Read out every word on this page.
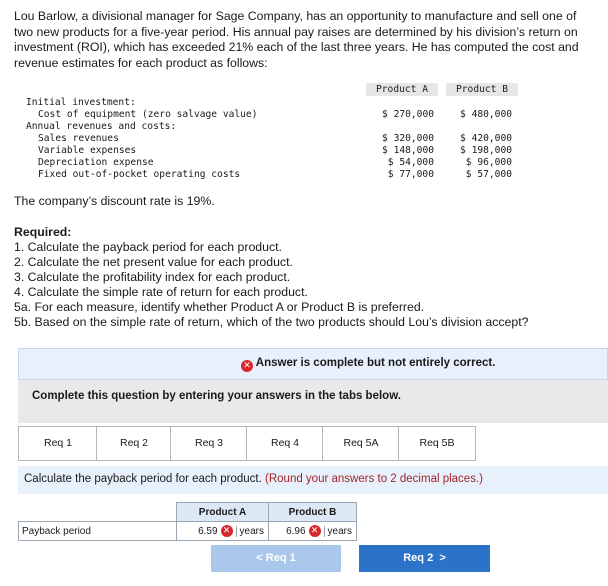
Lou Barlow, a divisional manager for Sage Company, has an opportunity to manufacture and sell one of two new products for a five-year period. His annual pay raises are determined by his division’s return on investment (ROI), which has exceeded 21% each of the last three years. He has computed the cost and revenue estimates for each product as follows:
Product A	Product B
Initial investment:
Cost of equipment (zero salvage value)	$ 270,000	$ 480,000
Annual revenues and costs:
Sales revenues	$ 320,000	$ 420,000
Variable expenses	$ 148,000	$ 198,000
Depreciation expense	$ 54,000	$ 96,000
Fixed out-of-pocket operating costs	$ 77,000	$ 57,000
The company’s discount rate is 19%.
Required:
1. Calculate the payback period for each product.
2. Calculate the net present value for each product.
3. Calculate the profitability index for each product.
4. Calculate the simple rate of return for each product.
5a. For each measure, identify whether Product A or Product B is preferred.
5b. Based on the simple rate of return, which of the two products should Lou’s division accept?
✕ Answer is complete but not entirely correct.
Complete this question by entering your answers in the tabs below.
Req 1	Req 2	Req 3	Req 4	Req 5A	Req 5B
Calculate the payback period for each product. (Round your answers to 2 decimal places.)
	Product A	Product B
Payback period	6.59 ✕ years	6.96 ✕ years
< Req 1	Req 2  >
